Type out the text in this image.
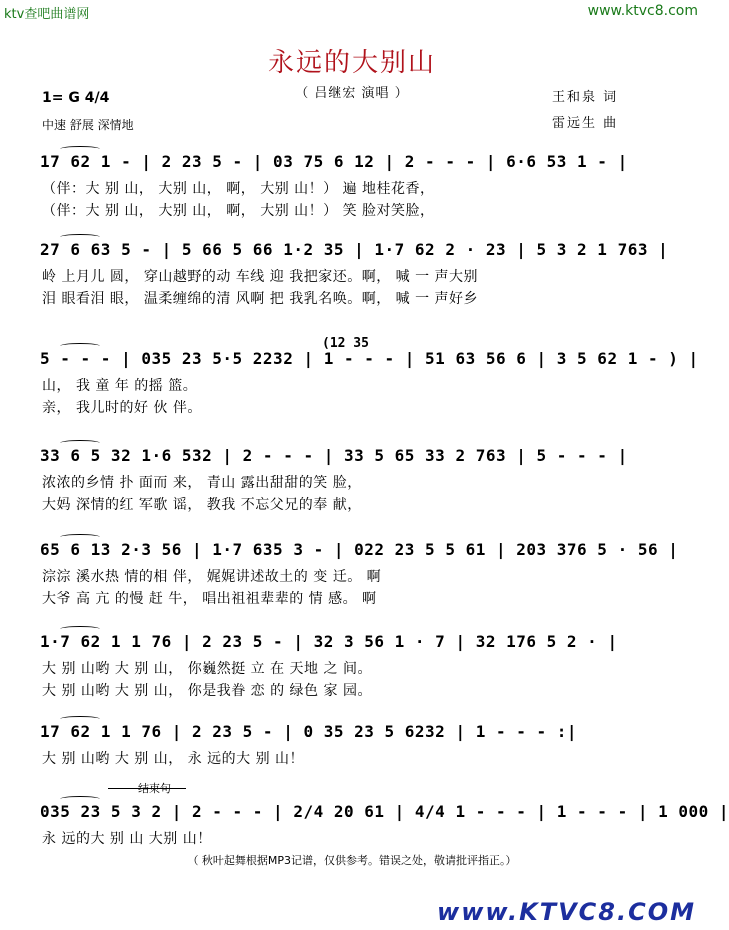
ktv查吧曲谱网	www.ktvc8.com
永远的大别山
（ 吕继宏 演唱 ）
1= G 4/4
中速 舒展 深情地
王和泉 词
雷远生 曲
17 62 1 - | 2 23 5 - | 03 75 6 12 | 2 - - - | 6·6 53 1 - |
（伴：大 别 山， 大别 山， 啊， 大别 山！） 遍 地桂花香，
（伴：大 别 山， 大别 山， 啊， 大别 山！） 笑 脸对笑脸，
27 6 63 5 - | 5 66 5 66 1·2 35 | 1·7 62 2 · 23 | 5 3 2 1 763 |
岭 上月儿 圆， 穿山越野的动 车线 迎 我把家还。啊， 喊 一 声大别
泪 眼看泪 眼， 温柔缠绵的清 风啊 把 我乳名唤。啊， 喊 一 声好乡
5 - - - | 035 23 5·5 2232 | 1 - - - | 51 63 56 6 | 3 5 62 1 - ) |
山， 我 童 年 的摇 篮。
亲， 我儿时的好 伙 伴。
33 6 5 32 1·6 532 | 2 - - - | 33 5 65 33 2 763 | 5 - - - |
浓浓的乡情 扑 面而 来， 青山 露出甜甜的笑 脸，
大妈 深情的红 军歌 谣， 教我 不忘父兄的奉 献，
65 6 13 2·3 56 | 1·7 635 3 - | 022 23 5 5 61 | 203 376 5 · 56 |
淙淙 溪水热 情的相 伴， 娓娓讲述故土的 变 迁。 啊
大爷 高 亢 的慢 赶 牛， 唱出祖祖辈辈的 情 感。 啊
1·7 62 1 1 76 | 2 23 5 - | 32 3 56 1 · 7 | 32 176 5 2 · |
大 别 山哟 大 别 山， 你巍然挺 立 在 天地 之 间。
大 别 山哟 大 别 山， 你是我眷 恋 的 绿色 家 园。
17 62 1 1 76 | 2 23 5 - | 0 35 23 5 6232 | 1 - - - :|
大 别 山哟 大 别 山， 永 远的大 别 山！
035 23 5 3 2 | 2 - - - | 2/4 20 61 | 4/4 1 - - - | 1 - - - | 1 000 |
永 远的大 别 山 大别 山！
(12 35
结束句
（ 秋叶起舞根据MP3记谱，仅供参考。错误之处，敬请批评指正。）
www.KTVC8.COM
